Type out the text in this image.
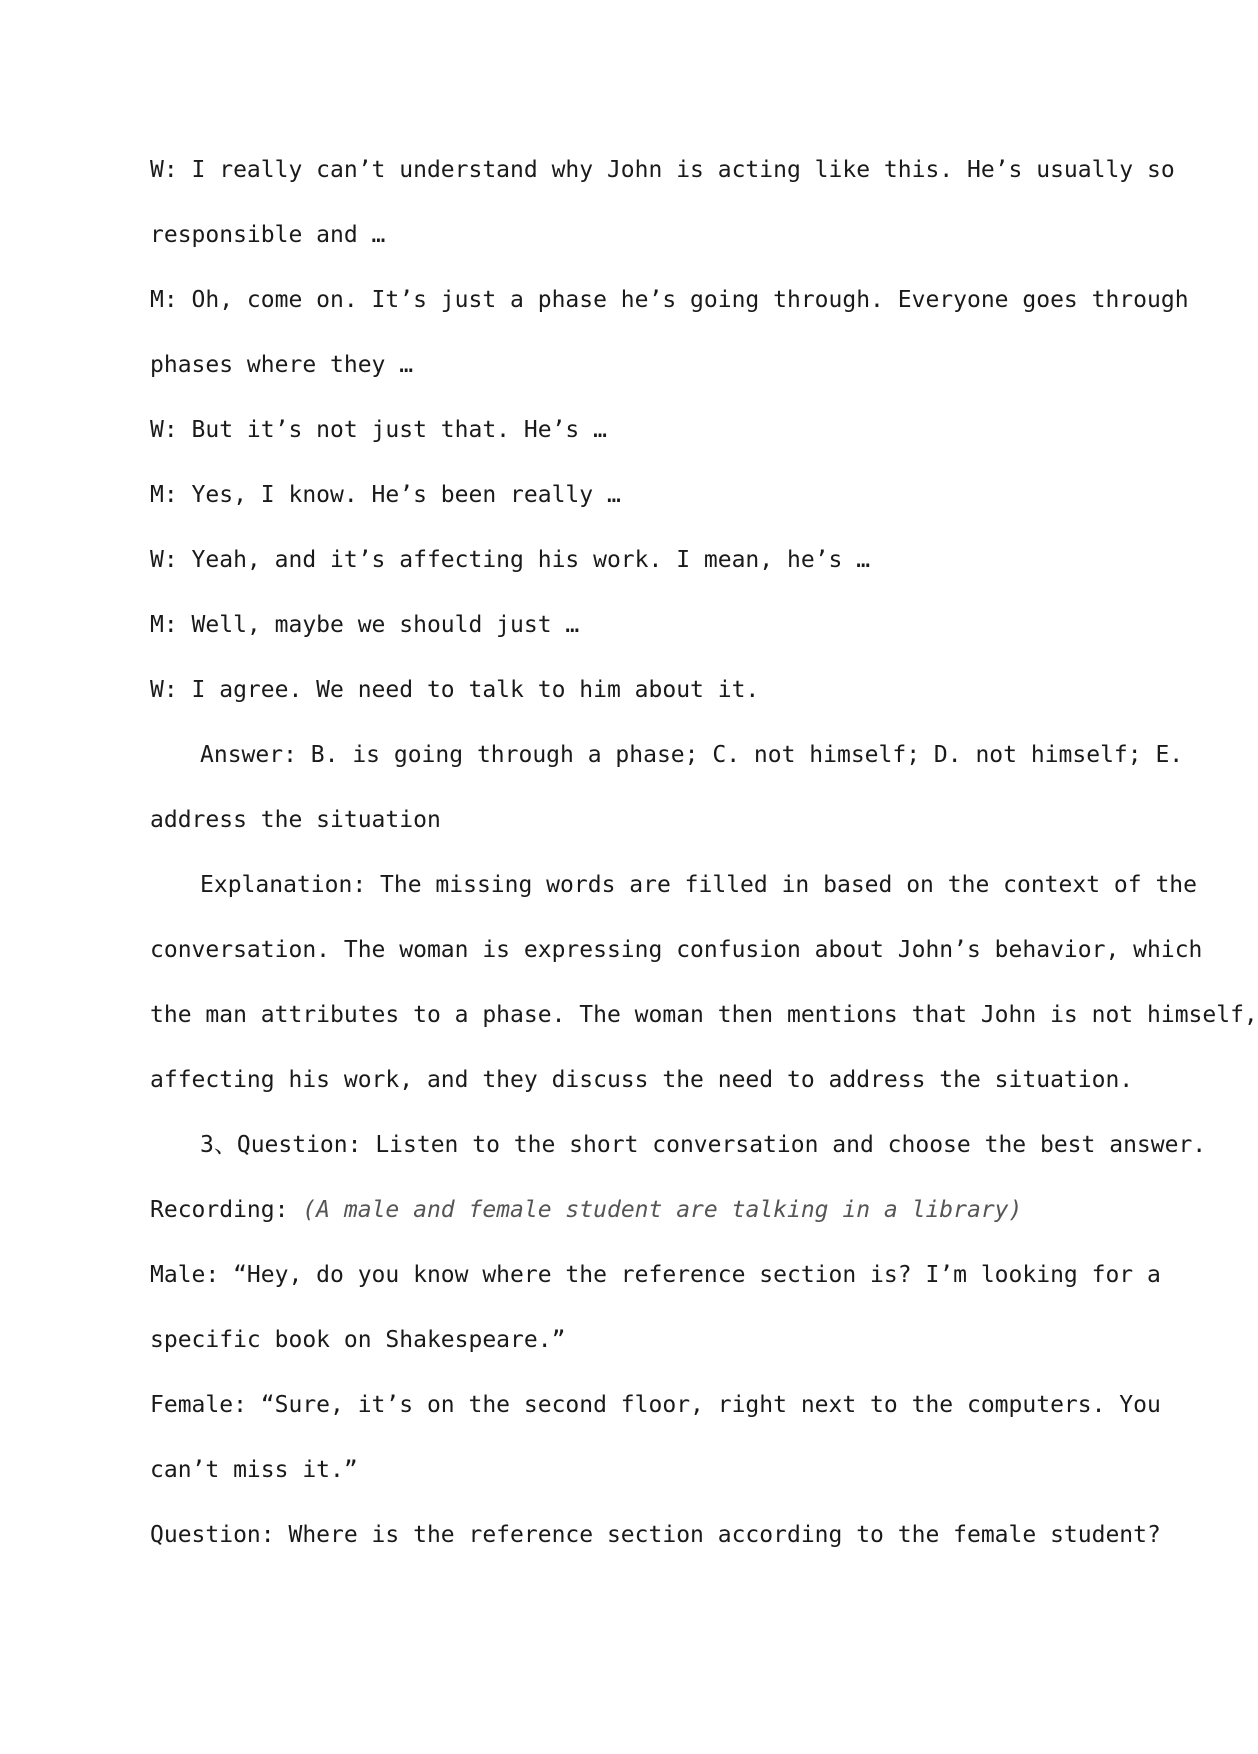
W: I really can’t understand why John is acting like this. He’s usually so

responsible and …

M: Oh, come on. It’s just a phase he’s going through. Everyone goes through

phases where they …

W: But it’s not just that. He’s …

M: Yes, I know. He’s been really …

W: Yeah, and it’s affecting his work. I mean, he’s …

M: Well, maybe we should just …

W: I agree. We need to talk to him about it.

Answer: B. is going through a phase; C. not himself; D. not himself; E.

address the situation

Explanation: The missing words are filled in based on the context of the

conversation. The woman is expressing confusion about John’s behavior, which

the man attributes to a phase. The woman then mentions that John is not himself,

affecting his work, and they discuss the need to address the situation.

3、Question: Listen to the short conversation and choose the best answer.

Recording: (A male and female student are talking in a library)

Male: “Hey, do you know where the reference section is? I’m looking for a

specific book on Shakespeare.”

Female: “Sure, it’s on the second floor, right next to the computers. You

can’t miss it.”

Question: Where is the reference section according to the female student?
